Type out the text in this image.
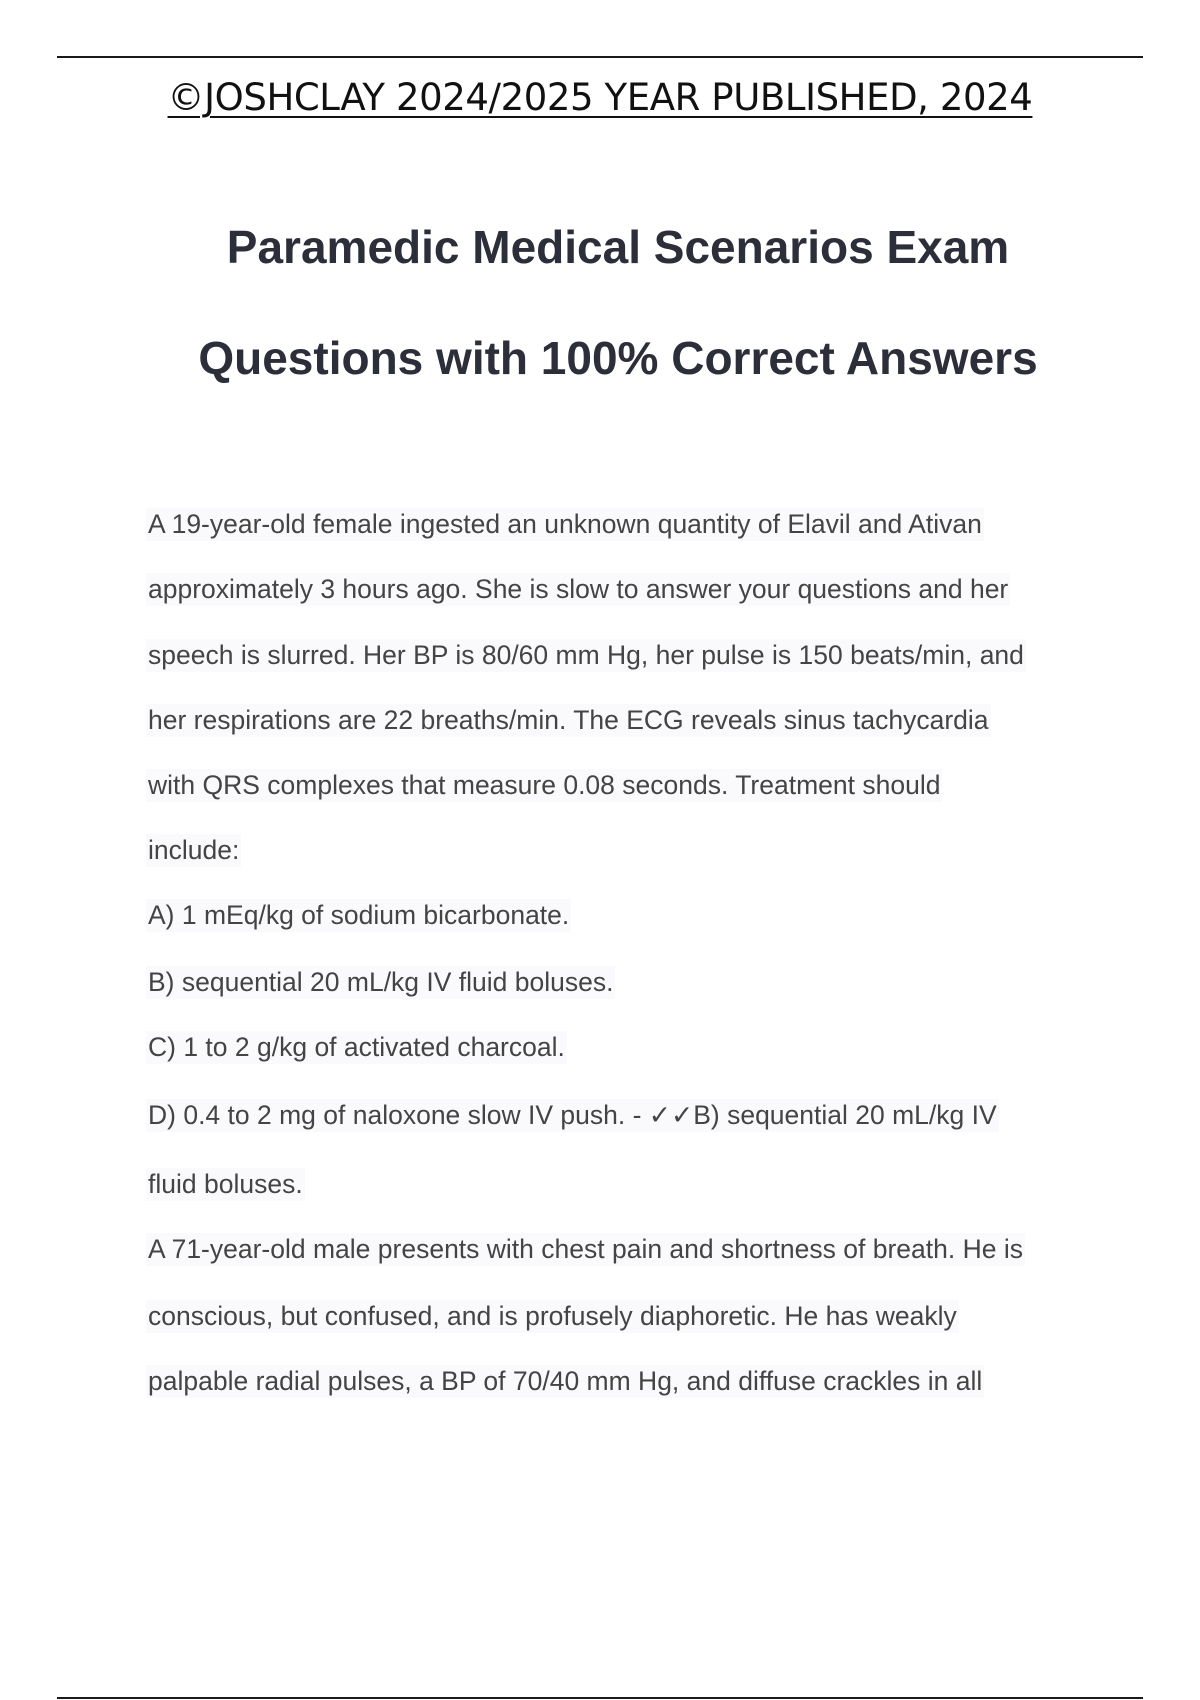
©JOSHCLAY 2024/2025 YEAR PUBLISHED, 2024
Paramedic Medical Scenarios Exam
Questions with 100% Correct Answers
A 19-year-old female ingested an unknown quantity of Elavil and Ativan
approximately 3 hours ago. She is slow to answer your questions and her
speech is slurred. Her BP is 80/60 mm Hg, her pulse is 150 beats/min, and
her respirations are 22 breaths/min. The ECG reveals sinus tachycardia
with QRS complexes that measure 0.08 seconds. Treatment should
include:
A) 1 mEq/kg of sodium bicarbonate.
B) sequential 20 mL/kg IV fluid boluses.
C) 1 to 2 g/kg of activated charcoal.
D) 0.4 to 2 mg of naloxone slow IV push. - ✓✓B) sequential 20 mL/kg IV
fluid boluses.
A 71-year-old male presents with chest pain and shortness of breath. He is
conscious, but confused, and is profusely diaphoretic. He has weakly
palpable radial pulses, a BP of 70/40 mm Hg, and diffuse crackles in all
